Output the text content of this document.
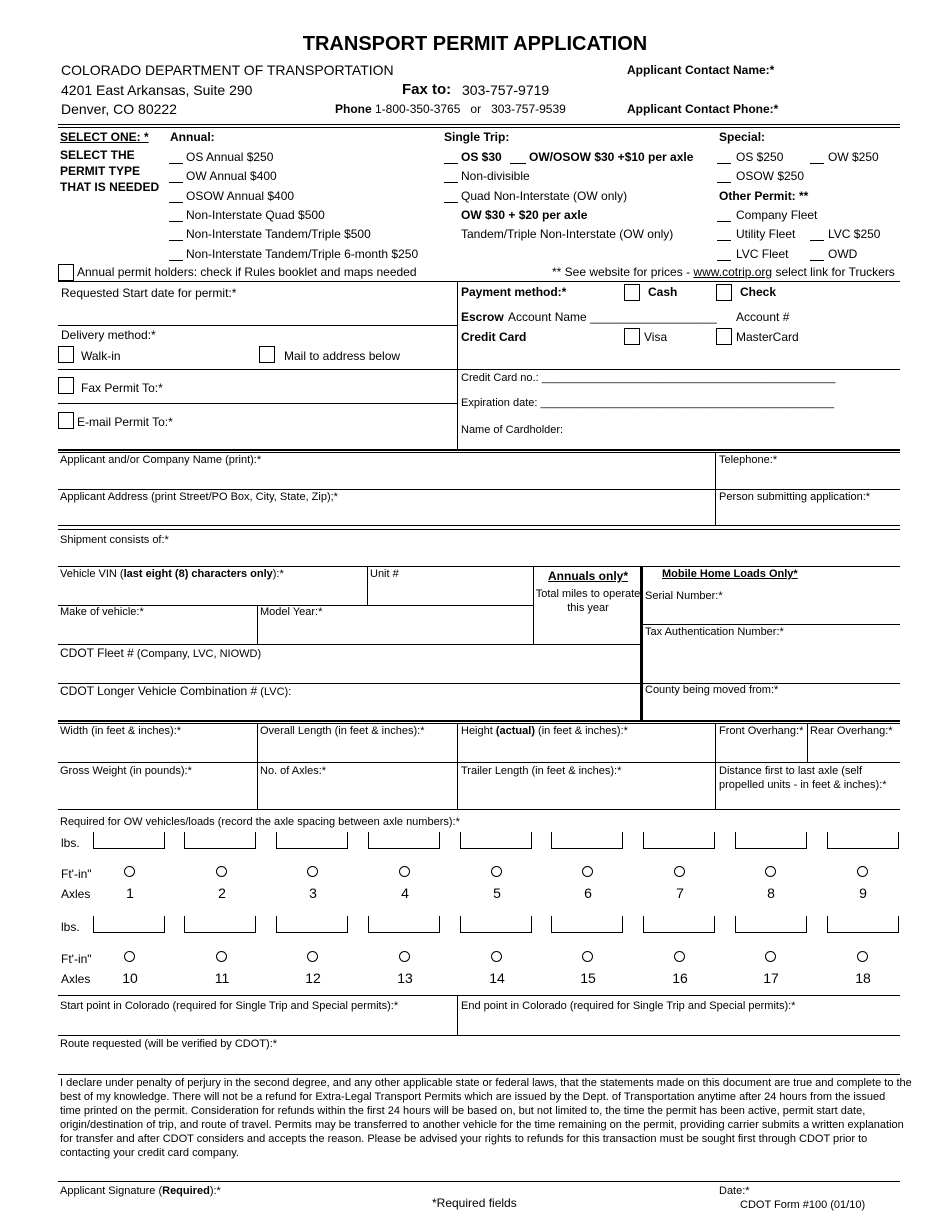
TRANSPORT PERMIT APPLICATION
COLORADO DEPARTMENT OF TRANSPORTATION
4201 East Arkansas, Suite 290
Denver, CO 80222
Fax to: 303-757-9719
Phone 1-800-350-3765   or   303-757-9539
Applicant Contact Name:*
Applicant Contact Phone:*
SELECT ONE: *
SELECT THE
PERMIT TYPE
THAT IS NEEDED
Annual:
OS Annual $250
OW Annual $400
OSOW Annual $400
Non-Interstate Quad $500
Non-Interstate Tandem/Triple $500
Non-Interstate Tandem/Triple 6-month $250
Single Trip:
OS $30 OW/OSOW $30 +$10 per axle
Non-divisible
Quad Non-Interstate (OW only)
OW $30 + $20 per axle
Tandem/Triple Non-Interstate (OW only)
Special:
OS $250	OW $250
OSOW $250
Other Permit: **
Company Fleet
Utility Fleet	LVC $250
LVC Fleet	OWD
Annual permit holders: check if Rules booklet and maps needed	** See website for prices - www.cotrip.org select link for Truckers
Requested Start date for permit:*
Delivery method:*
Walk-in	Mail to address below
Fax Permit To:*
E-mail Permit To:*
Payment method:*	Cash	Check
Escrow Account Name ___________________ Account #
Credit Card	Visa	MasterCard
Credit Card no.: ________________________________________________
Expiration date: ________________________________________________
Name of Cardholder:
Applicant and/or Company Name (print):*	Telephone:*
Applicant Address (print Street/PO Box, City, State, Zip);*	Person submitting application:*
Shipment consists of:*
Vehicle VIN (last eight (8) characters only):*	Unit #	Annuals only*
Total miles to operate this year
Mobile Home Loads Only*
Serial Number:*
Make of vehicle:*	Model Year:*
Tax Authentication Number:*
CDOT Fleet # (Company, LVC, NIOWD)
CDOT Longer Vehicle Combination # (LVC):	County being moved from:*
Width (in feet & inches):*	Overall Length (in feet & inches):*	Height (actual) (in feet & inches):*	Front Overhang:* Rear Overhang:*
Gross Weight (in pounds):*	No. of Axles:*	Trailer Length (in feet & inches):*	Distance first to last axle (self
propelled units - in feet & inches):*
Required for OW vehicles/loads (record the axle spacing between axle numbers):*
lbs.
Ft'-in"
Axles
lbs.
Ft'-in"
Axles
1	2	3	4	5	6	7	8	9
10	11	12	13	14	15	16	17	18
Start point in Colorado (required for Single Trip and Special permits):*	End point in Colorado (required for Single Trip and Special permits):*
Route requested (will be verified by CDOT):*
I declare under penalty of perjury in the second degree, and any other applicable state or federal laws, that the statements made on this document are true and complete to the
best of my knowledge. There will not be a refund for Extra-Legal Transport Permits which are issued by the Dept. of Transportation anytime after 24 hours from the issued
time printed on the permit. Consideration for refunds within the first 24 hours will be based on, but not limited to, the time the permit has been active, permit start date,
origin/destination of trip, and route of travel. Permits may be transferred to another vehicle for the time remaining on the permit, providing carrier submits a written explanation
for transfer and after CDOT considers and accepts the reason. Please be advised your rights to refunds for this transaction must be sought first through CDOT prior to
contacting your credit card company.
Applicant Signature (Required):*	Date:*
*Required fields	CDOT Form #100 (01/10)
